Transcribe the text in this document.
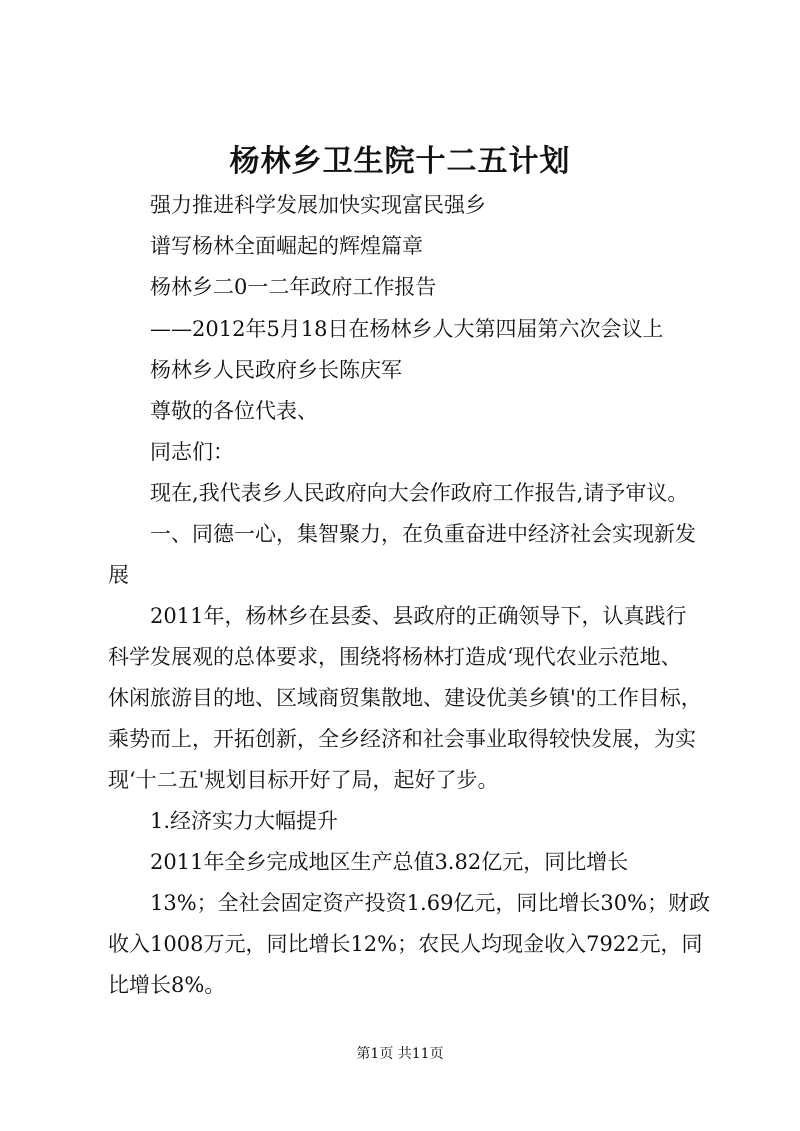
杨林乡卫生院十二五计划
强力推进科学发展加快实现富民强乡
谱写杨林全面崛起的辉煌篇章
杨林乡二0一二年政府工作报告
——2012年5月18日在杨林乡人大第四届第六次会议上
杨林乡人民政府乡长陈庆军
尊敬的各位代表、
同志们：
现在,我代表乡人民政府向大会作政府工作报告,请予审议。
一、同德一心，集智聚力，在负重奋进中经济社会实现新发
展
2011年，杨林乡在县委、县政府的正确领导下，认真践行
科学发展观的总体要求，围绕将杨林打造成‘现代农业示范地、
休闲旅游目的地、区域商贸集散地、建设优美乡镇'的工作目标，
乘势而上，开拓创新，全乡经济和社会事业取得较快发展，为实
现‘十二五'规划目标开好了局，起好了步。
1.经济实力大幅提升
2011年全乡完成地区生产总值3.82亿元，同比增长
13%；全社会固定资产投资1.69亿元，同比增长30%；财政
收入1008万元，同比增长12%；农民人均现金收入7922元，同
比增长8%。
第1页 共11页
